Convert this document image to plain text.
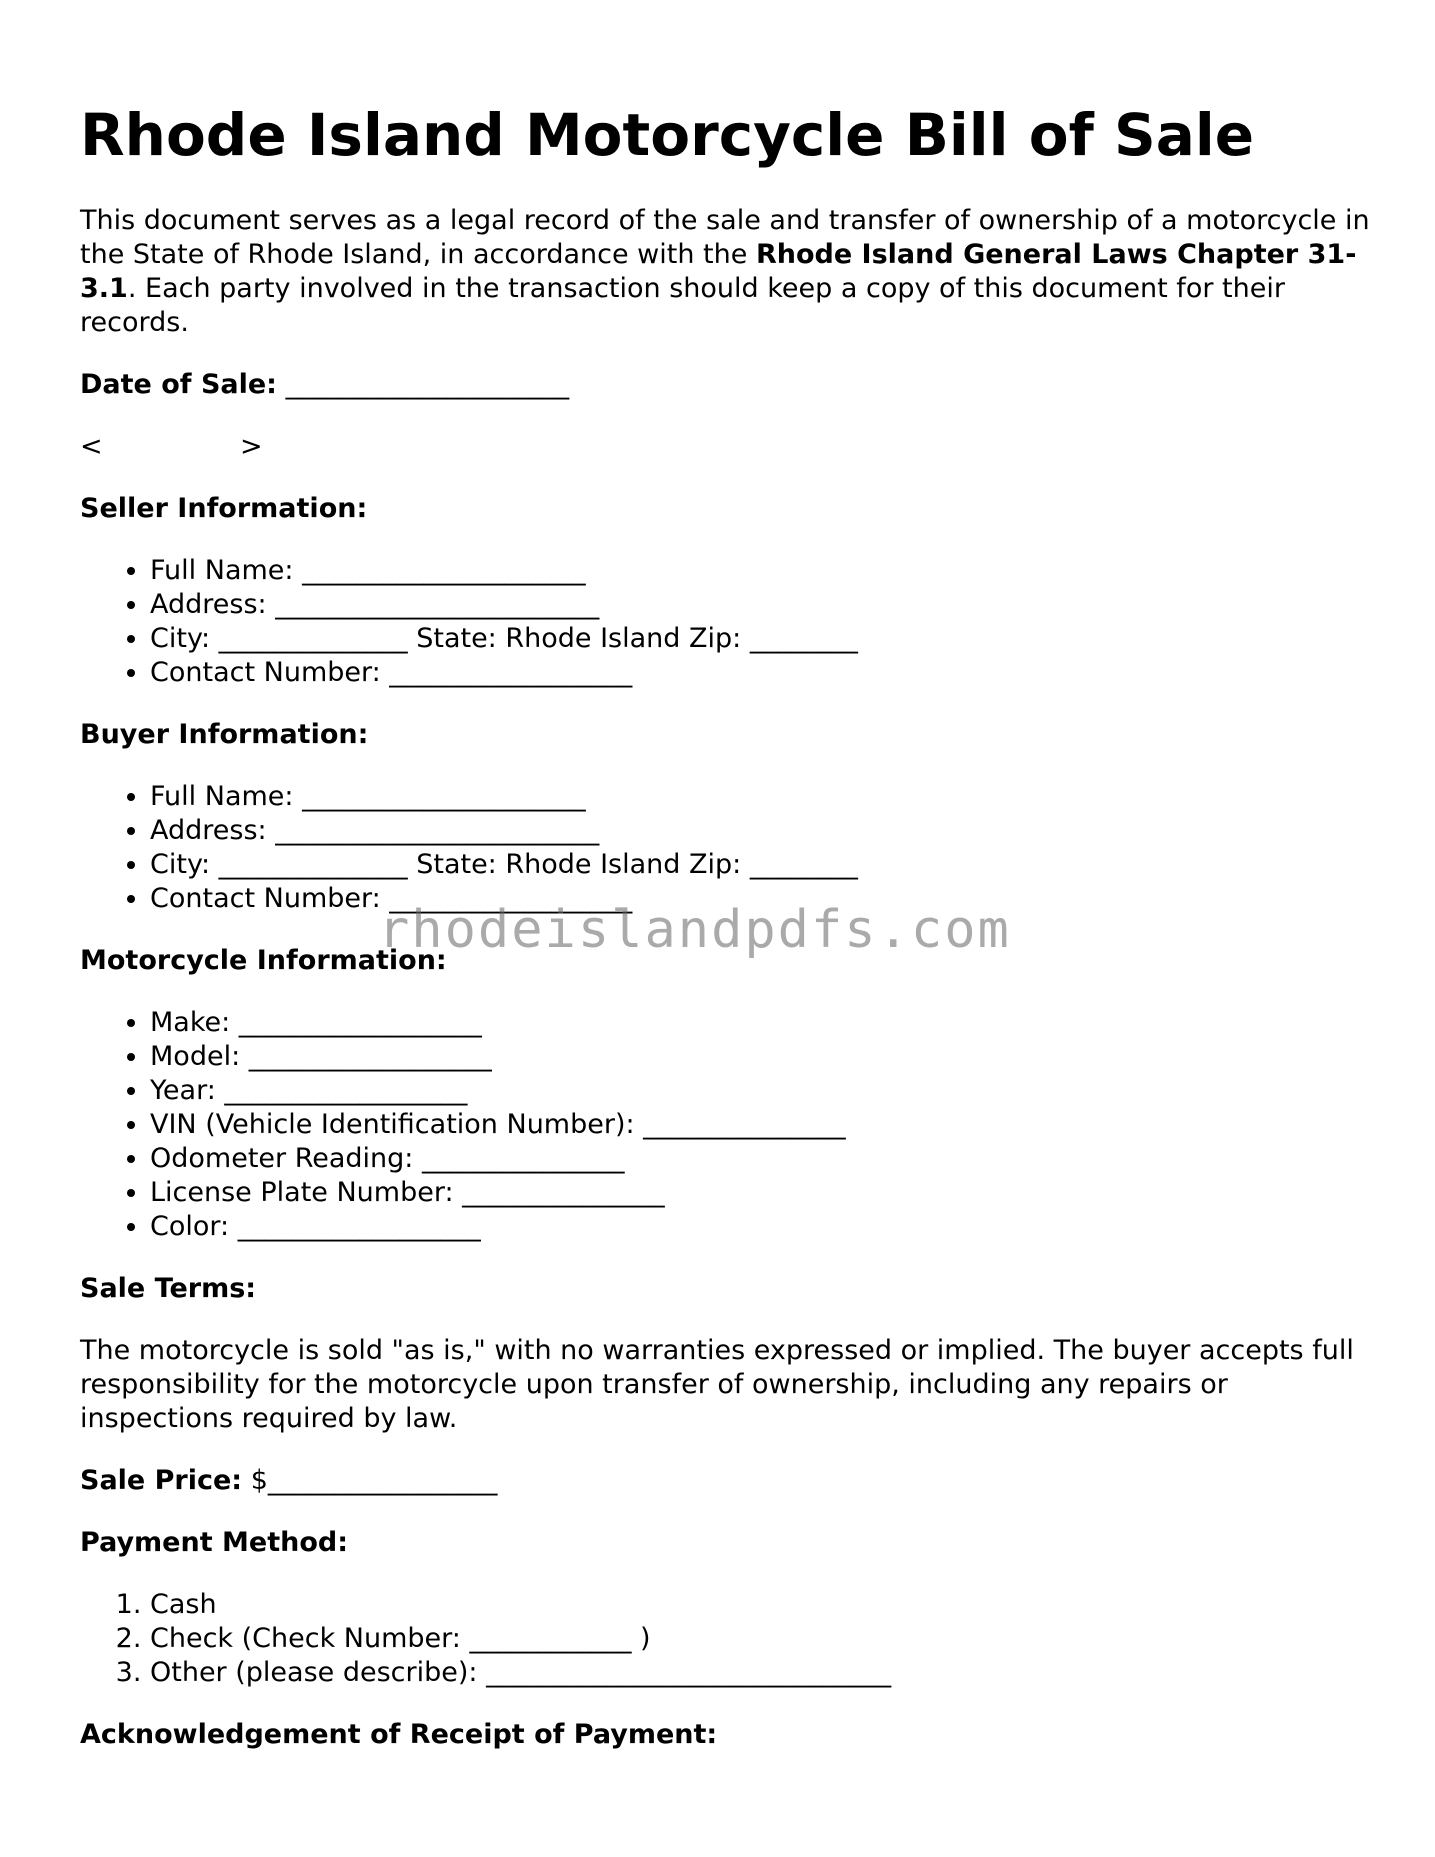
Rhode Island Motorcycle Bill of Sale

This document serves as a legal record of the sale and transfer of ownership of a motorcycle in the State of Rhode Island, in accordance with the Rhode Island General Laws Chapter 31-3.1. Each party involved in the transaction should keep a copy of this document for their records.

Date of Sale: _____________________
<	>
Seller Information:
• Full Name: _____________________
• Address: ________________________
• City: ______________ State: Rhode Island Zip: ________
• Contact Number: __________________
Buyer Information:
• Full Name: _____________________
• Address: ________________________
• City: ______________ State: Rhode Island Zip: ________
• Contact Number: __________________
Motorcycle Information:
• Make: __________________
• Model: __________________
• Year: __________________
• VIN (Vehicle Identification Number): _______________
• Odometer Reading: _______________
• License Plate Number: _______________
• Color: __________________
Sale Terms:

The motorcycle is sold "as is," with no warranties expressed or implied. The buyer accepts full responsibility for the motorcycle upon transfer of ownership, including any repairs or inspections required by law.

Sale Price: $_________________
Payment Method:
1. Cash
2. Check (Check Number: ____________ )
3. Other (please describe): ______________________________
Acknowledgement of Receipt of Payment:
rhodeislandpdfs.com
